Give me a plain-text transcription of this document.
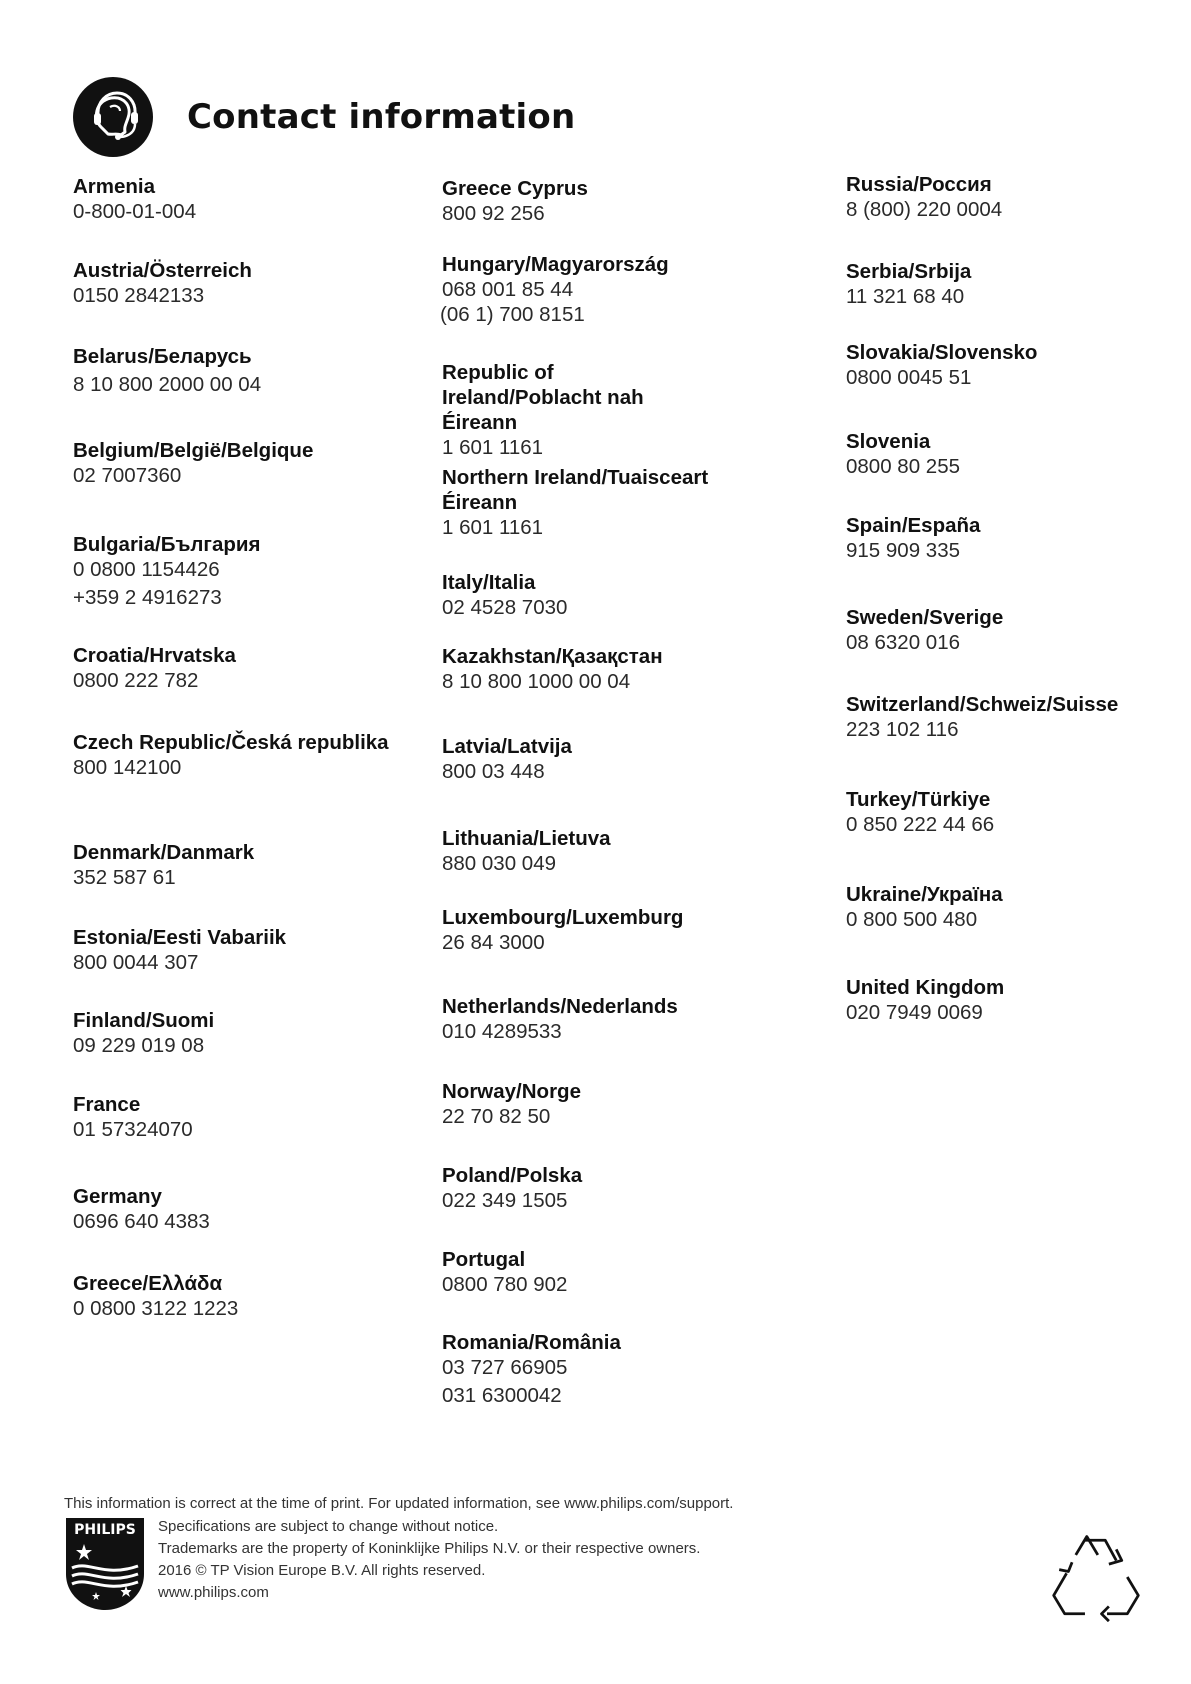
Contact information
Armenia
0-800-01-004
Austria/Österreich
0150 2842133
Belarus/Беларусь
8 10 800 2000 00 04
Belgium/België/Belgique
02 7007360
Bulgaria/България
0 0800 1154426
+359 2 4916273
Croatia/Hrvatska
0800 222 782
Czech Republic/Česká republika
800 142100
Denmark/Danmark
352 587 61
Estonia/Eesti Vabariik
800 0044 307
Finland/Suomi
09 229 019 08
France
01 57324070
Germany
0696 640 4383
Greece/Ελλάδα
0 0800 3122 1223
Greece Cyprus
800 92 256
Hungary/Magyarország
068 001 85 44
(06 1) 700 8151
Republic of Ireland/Poblacht nah Éireann
1 601 1161
Northern Ireland/Tuaisceart Éireann
1 601 1161
Italy/Italia
02 4528 7030
Kazakhstan/Қазақстан
8 10 800 1000 00 04
Latvia/Latvija
800 03 448
Lithuania/Lietuva
880 030 049
Luxembourg/Luxemburg
26 84 3000
Netherlands/Nederlands
010 4289533
Norway/Norge
22 70 82 50
Poland/Polska
022 349 1505
Portugal
0800 780 902
Romania/România
03 727 66905
031 6300042
Russia/Россия
8 (800) 220 0004
Serbia/Srbija
11 321 68 40
Slovakia/Slovensko
0800 0045 51
Slovenia
0800 80 255
Spain/España
915 909 335
Sweden/Sverige
08 6320 016
Switzerland/Schweiz/Suisse
223 102 116
Turkey/Türkiye
0 850 222 44 66
Ukraine/Україна
0 800 500 480
United Kingdom
020 7949 0069

This information is correct at the time of print. For updated information, see www.philips.com/support.

PHILIPS Specifications are subject to change without notice.
Trademarks are the property of Koninklijke Philips N.V. or their respective owners.
2016 © TP Vision Europe B.V. All rights reserved.
www.philips.com
